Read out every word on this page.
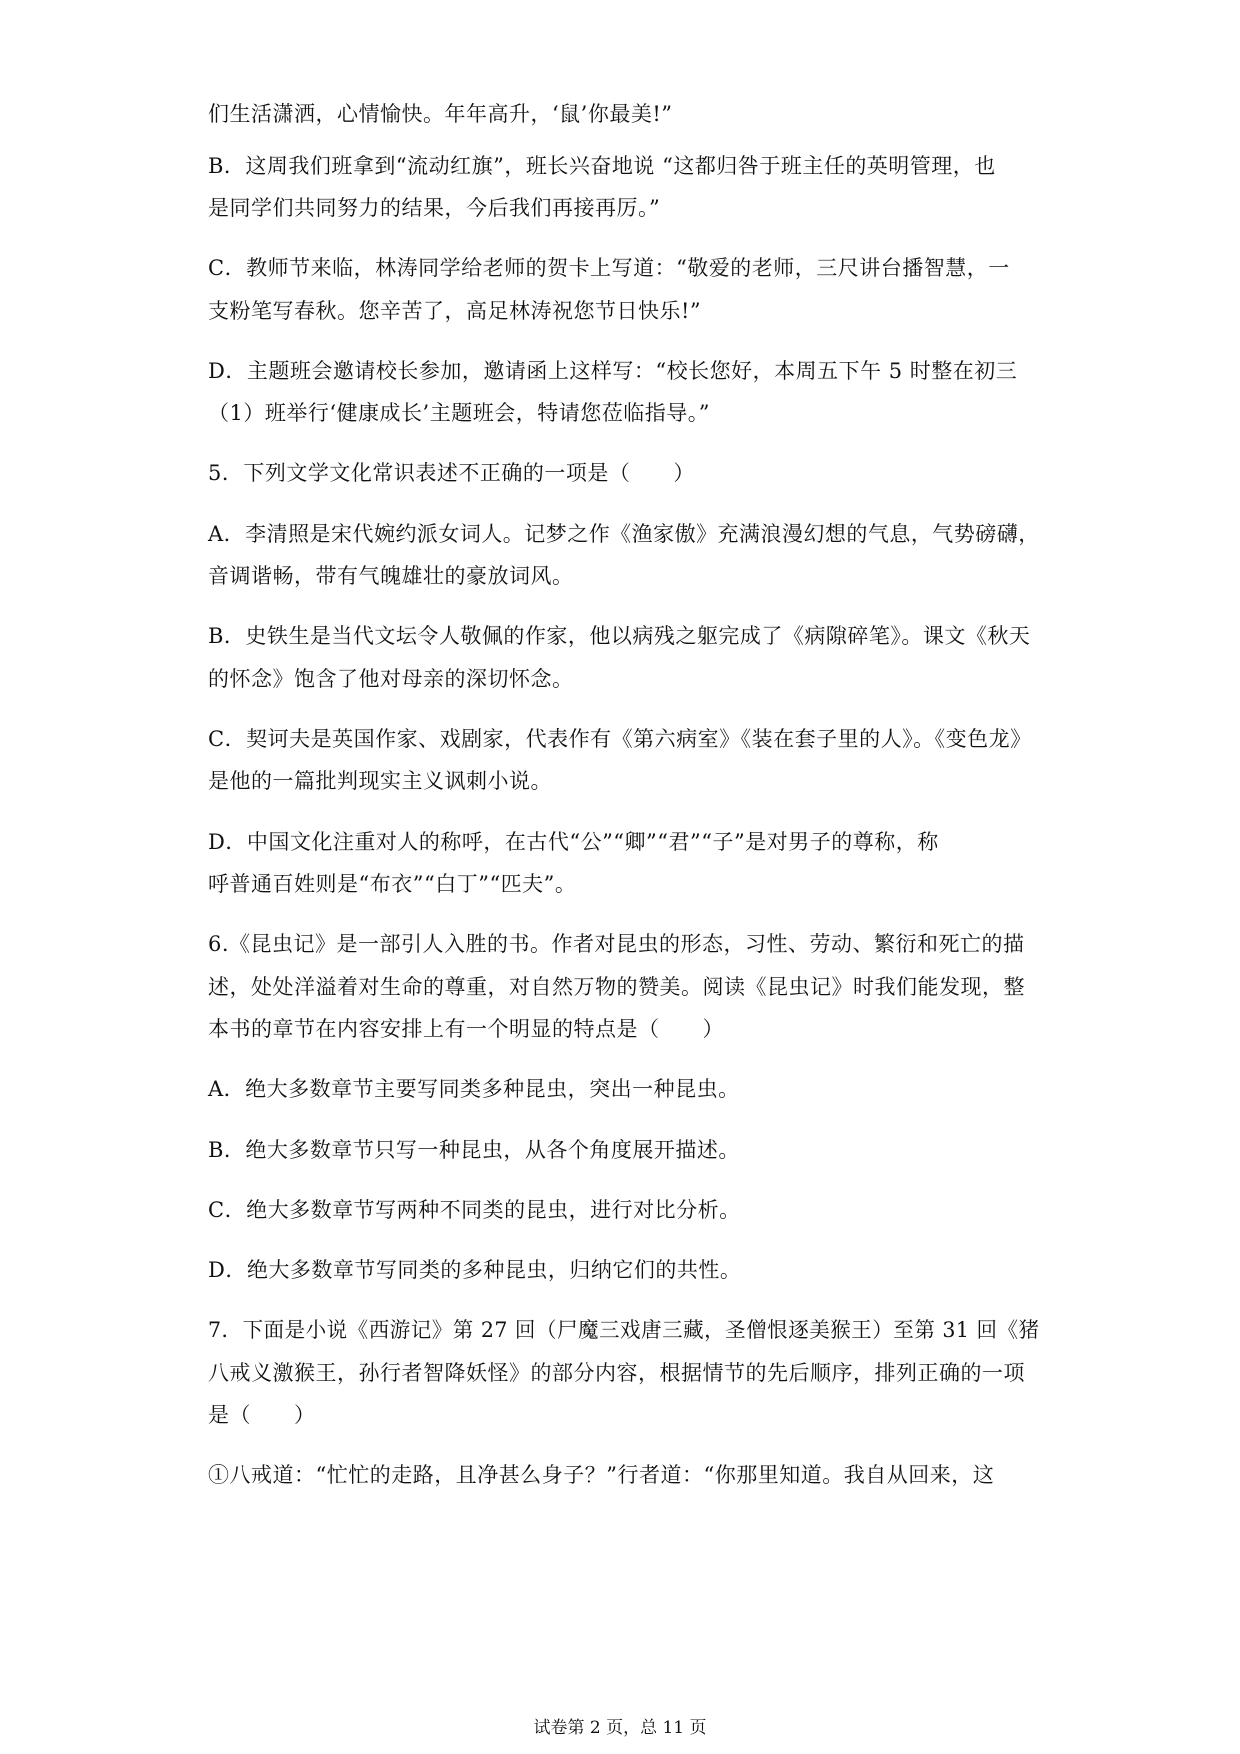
们生活潇洒，心情愉快。年年高升，‘鼠’你最美!”
B．这周我们班拿到“流动红旗”，班长兴奋地说 “这都归咎于班主任的英明管理，也
是同学们共同努力的结果，今后我们再接再厉。”
C．教师节来临，林涛同学给老师的贺卡上写道：“敬爱的老师，三尺讲台播智慧，一
支粉笔写春秋。您辛苦了，高足林涛祝您节日快乐!”
D．主题班会邀请校长参加，邀请函上这样写：“校长您好，本周五下午 5 时整在初三
（1）班举行‘健康成长’主题班会，特请您莅临指导。”
5．下列文学文化常识表述不正确的一项是（　　）
A．李清照是宋代婉约派女词人。记梦之作《渔家傲》充满浪漫幻想的气息，气势磅礴，
音调谐畅，带有气魄雄壮的豪放词风。
B．史铁生是当代文坛令人敬佩的作家，他以病残之躯完成了《病隙碎笔》。课文《秋天
的怀念》饱含了他对母亲的深切怀念。
C．契诃夫是英国作家、戏剧家，代表作有《第六病室》《装在套子里的人》。《变色龙》
是他的一篇批判现实主义讽刺小说。
D．中国文化注重对人的称呼，在古代“公”“卿”“君”“子”是对男子的尊称，称
呼普通百姓则是“布衣”“白丁”“匹夫”。
6.《昆虫记》是一部引人入胜的书。作者对昆虫的形态，习性、劳动、繁衍和死亡的描
述，处处洋溢着对生命的尊重，对自然万物的赞美。阅读《昆虫记》时我们能发现，整
本书的章节在内容安排上有一个明显的特点是（　　）
A．绝大多数章节主要写同类多种昆虫，突出一种昆虫。
B．绝大多数章节只写一种昆虫，从各个角度展开描述。
C．绝大多数章节写两种不同类的昆虫，进行对比分析。
D．绝大多数章节写同类的多种昆虫，归纳它们的共性。
7．下面是小说《西游记》第 27 回（尸魔三戏唐三藏，圣僧恨逐美猴王）至第 31 回《猪
八戒义激猴王，孙行者智降妖怪》的部分内容，根据情节的先后顺序，排列正确的一项
是（　　）
①八戒道：“忙忙的走路，且净甚么身子？”行者道：“你那里知道。我自从回来，这
试卷第 2 页，总 11 页
